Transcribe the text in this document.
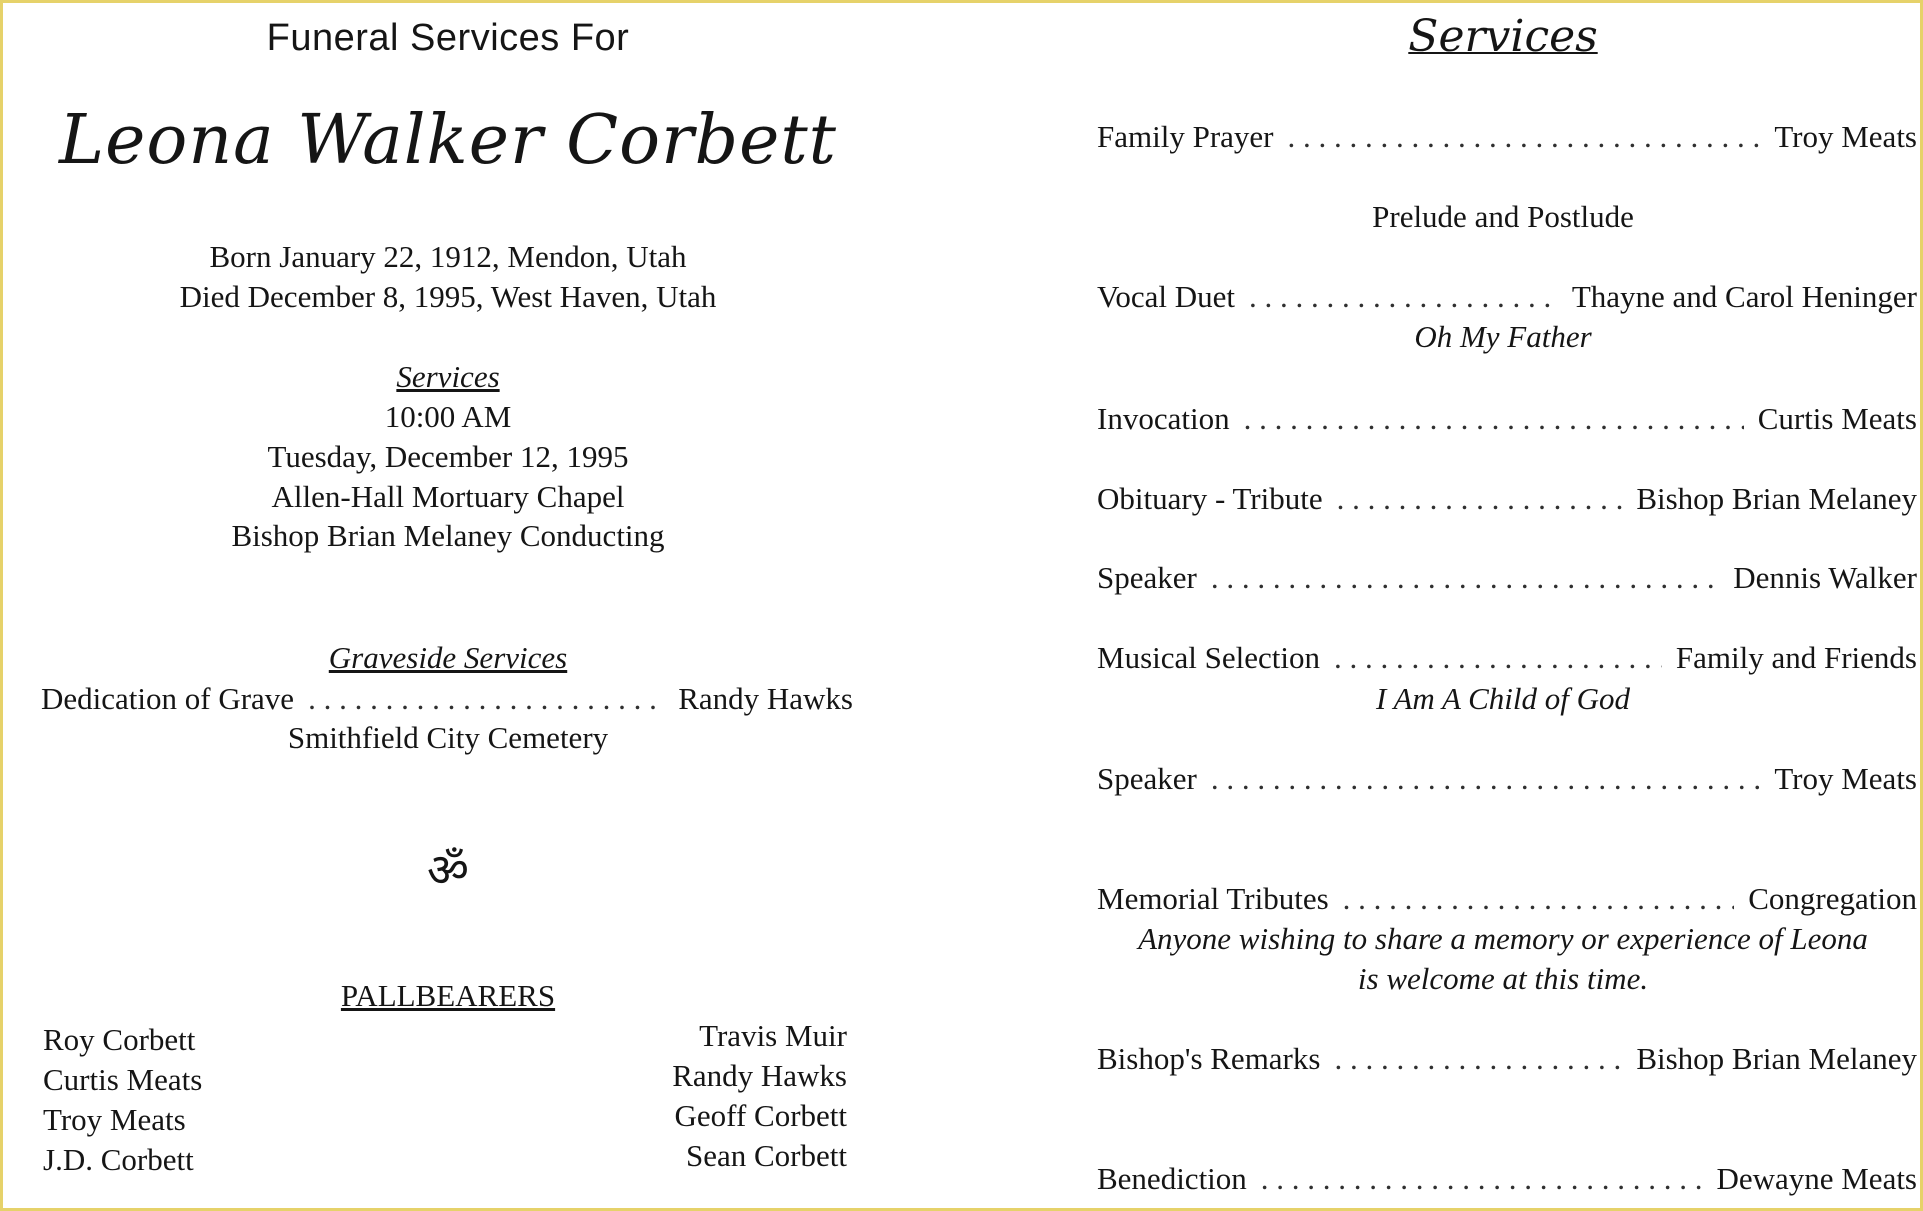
Funeral Services For
Leona Walker Corbett
Born January 22, 1912, Mendon, Utah
Died December 8, 1995, West Haven, Utah
Services
10:00 AM
Tuesday, December 12, 1995
Allen-Hall Mortuary Chapel
Bishop Brian Melaney Conducting
Graveside Services
Dedication of Grave . . .	Randy Hawks
Smithfield City Cemetery
ॐ
PALLBEARERS
Roy Corbett
Curtis Meats
Troy Meats
J.D. Corbett
Travis Muir
Randy Hawks
Geoff Corbett
Sean Corbett
Services
Family Prayer . . .	Troy Meats
Prelude and Postlude
Vocal Duet . . .	Thayne and Carol Heninger
Oh My Father
Invocation . . .	Curtis Meats
Obituary - Tribute . . .	Bishop Brian Melaney
Speaker . . .	Dennis Walker
Musical Selection . . .	Family and Friends
I Am A Child of God
Speaker . . .	Troy Meats
Memorial Tributes . . .	Congregation
Anyone wishing to share a memory or experience of Leona
is welcome at this time.
Bishop's Remarks . . .	Bishop Brian Melaney
Benediction . . .	Dewayne Meats
